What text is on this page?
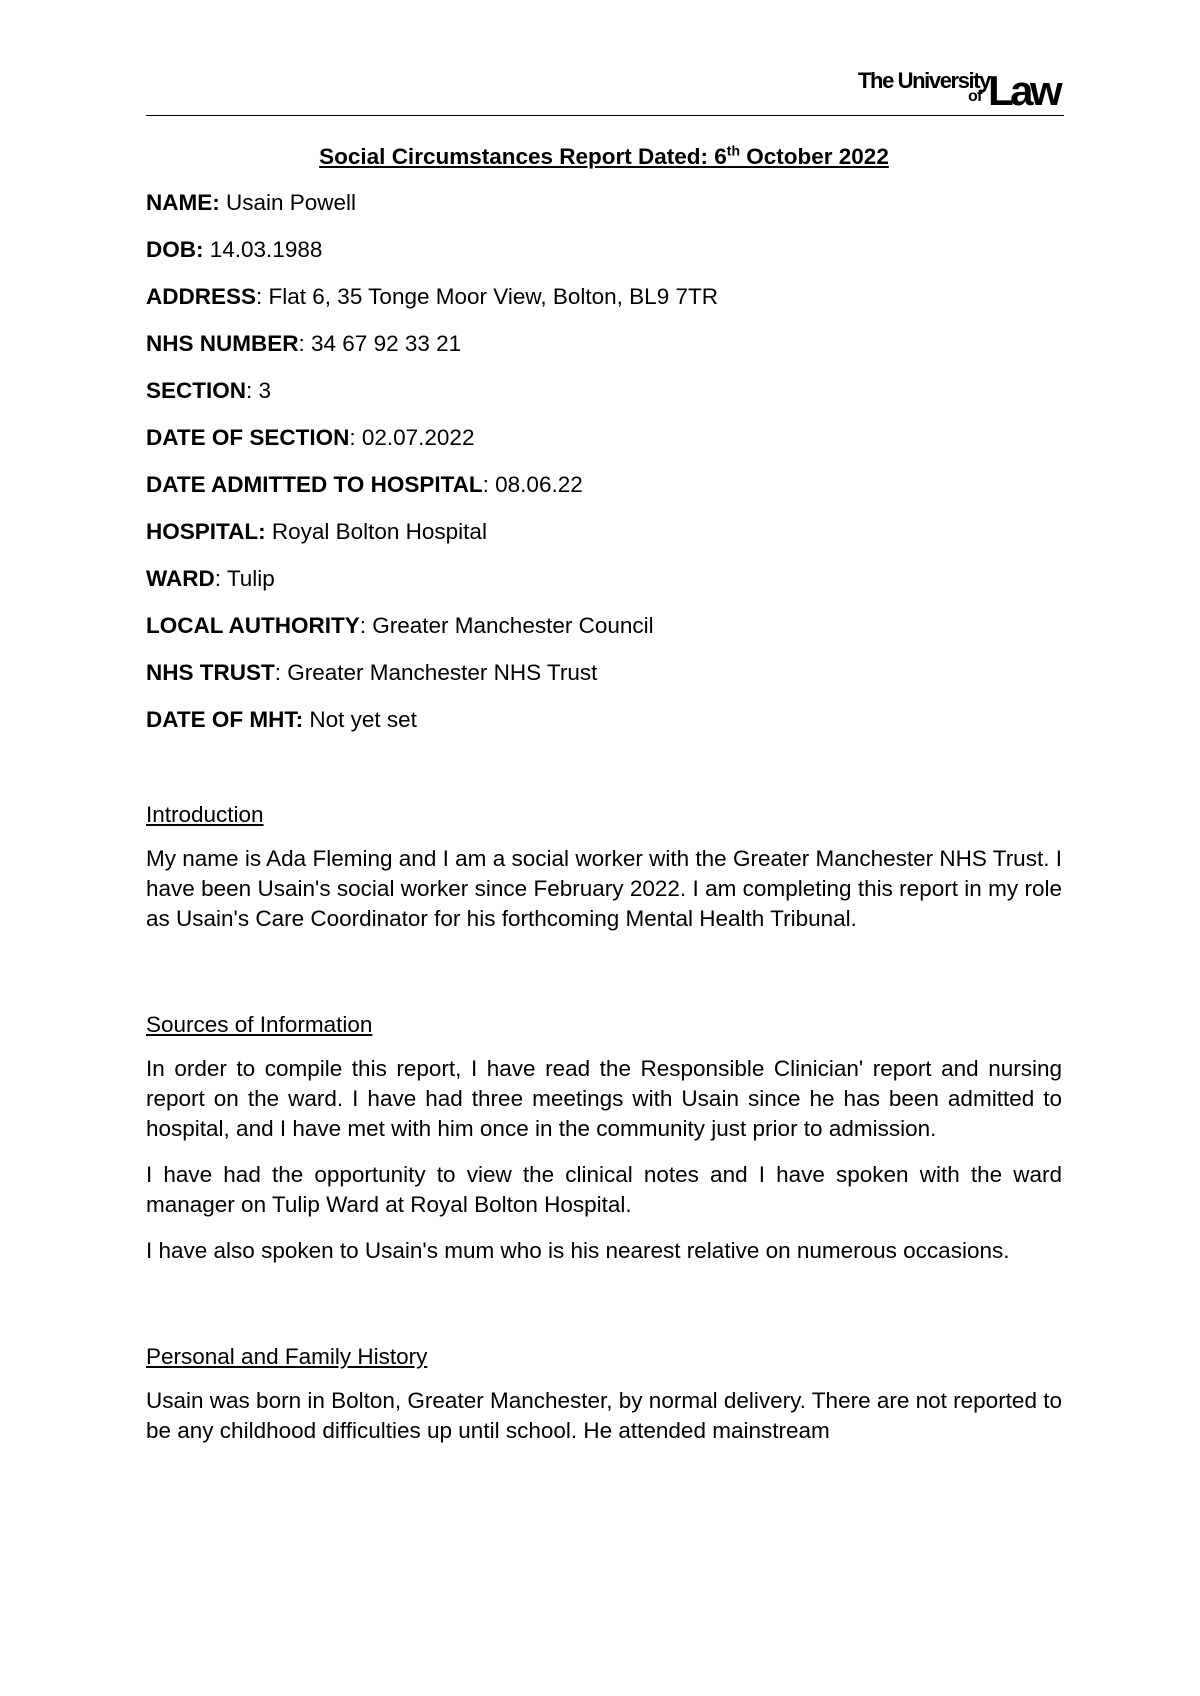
The University
of Law
Social Circumstances Report Dated: 6th October 2022
NAME: Usain Powell
DOB: 14.03.1988
ADDRESS: Flat 6, 35 Tonge Moor View, Bolton, BL9 7TR
NHS NUMBER: 34 67 92 33 21
SECTION: 3
DATE OF SECTION: 02.07.2022
DATE ADMITTED TO HOSPITAL: 08.06.22
HOSPITAL: Royal Bolton Hospital
WARD: Tulip
LOCAL AUTHORITY: Greater Manchester Council
NHS TRUST: Greater Manchester NHS Trust
DATE OF MHT: Not yet set
Introduction

My name is Ada Fleming and I am a social worker with the Greater Manchester NHS Trust. I have been Usain's social worker since February 2022. I am completing this report in my role as Usain's Care Coordinator for his forthcoming Mental Health Tribunal.

Sources of Information

In order to compile this report, I have read the Responsible Clinician' report and nursing report on the ward. I have had three meetings with Usain since he has been admitted to hospital, and I have met with him once in the community just prior to admission.

I have had the opportunity to view the clinical notes and I have spoken with the ward manager on Tulip Ward at Royal Bolton Hospital.

I have also spoken to Usain's mum who is his nearest relative on numerous occasions.

Personal and Family History

Usain was born in Bolton, Greater Manchester, by normal delivery. There are not reported to be any childhood difficulties up until school. He attended mainstream
